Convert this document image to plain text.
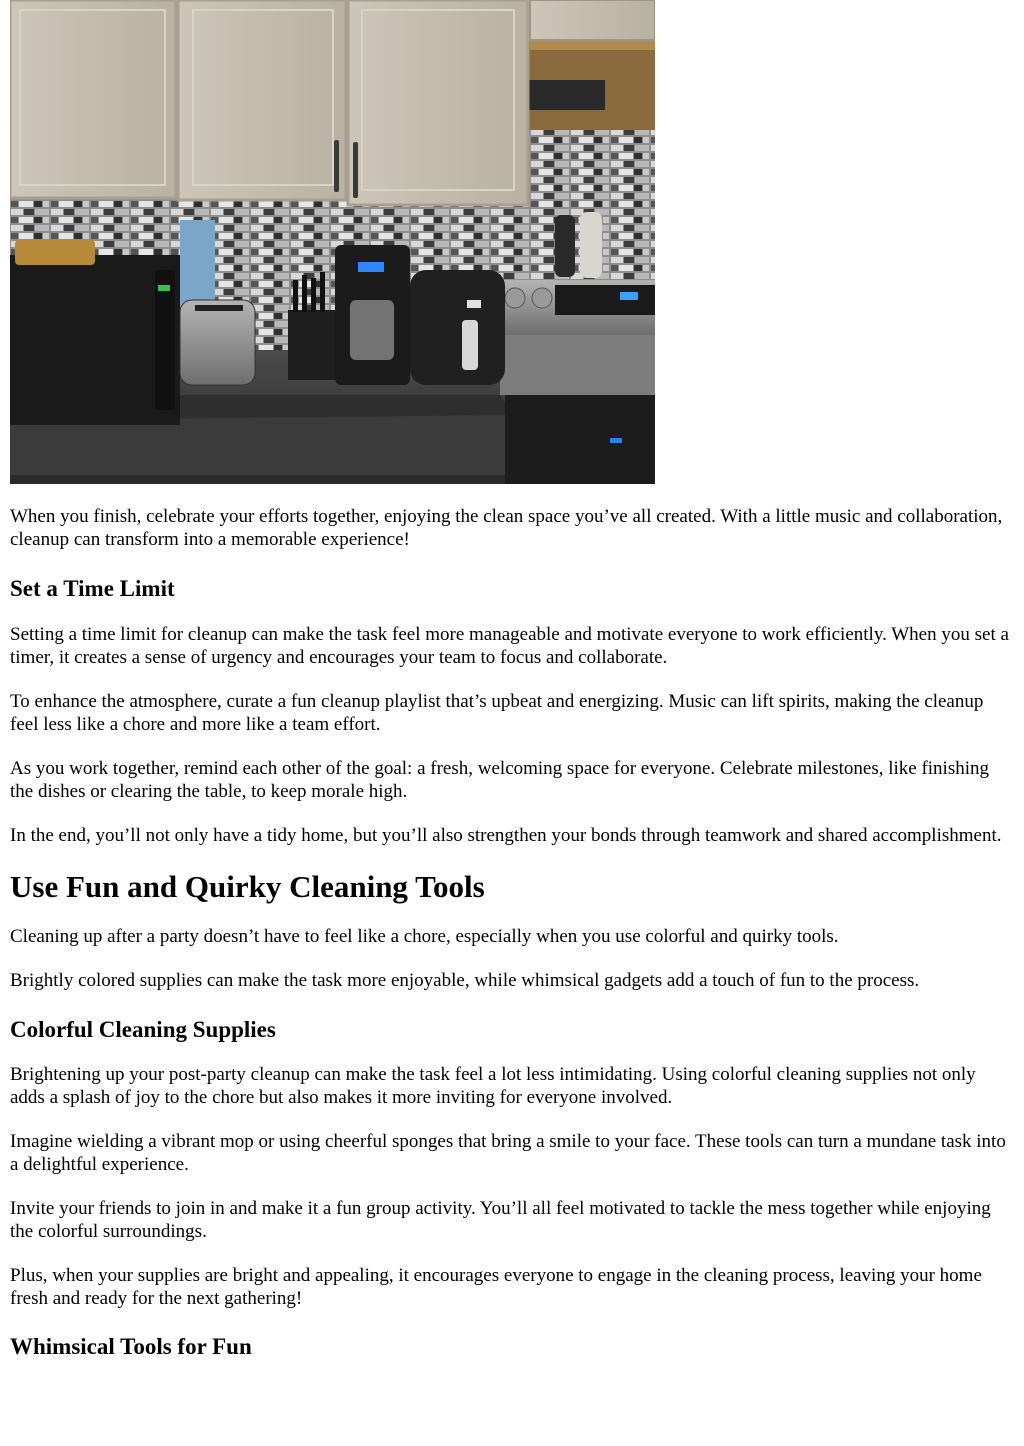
When you finish, celebrate your efforts together, enjoying the clean space you’ve all created. With a little music and collaboration, cleanup can transform into a memorable experience!

Set a Time Limit

Setting a time limit for cleanup can make the task feel more manageable and motivate everyone to work efficiently. When you set a timer, it creates a sense of urgency and encourages your team to focus and collaborate.

To enhance the atmosphere, curate a fun cleanup playlist that’s upbeat and energizing. Music can lift spirits, making the cleanup feel less like a chore and more like a team effort.

As you work together, remind each other of the goal: a fresh, welcoming space for everyone. Celebrate milestones, like finishing the dishes or clearing the table, to keep morale high.

In the end, you’ll not only have a tidy home, but you’ll also strengthen your bonds through teamwork and shared accomplishment.

Use Fun and Quirky Cleaning Tools

Cleaning up after a party doesn’t have to feel like a chore, especially when you use colorful and quirky tools.

Brightly colored supplies can make the task more enjoyable, while whimsical gadgets add a touch of fun to the process.

Colorful Cleaning Supplies

Brightening up your post-party cleanup can make the task feel a lot less intimidating. Using colorful cleaning supplies not only adds a splash of joy to the chore but also makes it more inviting for everyone involved.

Imagine wielding a vibrant mop or using cheerful sponges that bring a smile to your face. These tools can turn a mundane task into a delightful experience.

Invite your friends to join in and make it a fun group activity. You’ll all feel motivated to tackle the mess together while enjoying the colorful surroundings.

Plus, when your supplies are bright and appealing, it encourages everyone to engage in the cleaning process, leaving your home fresh and ready for the next gathering!

Whimsical Tools for Fun
